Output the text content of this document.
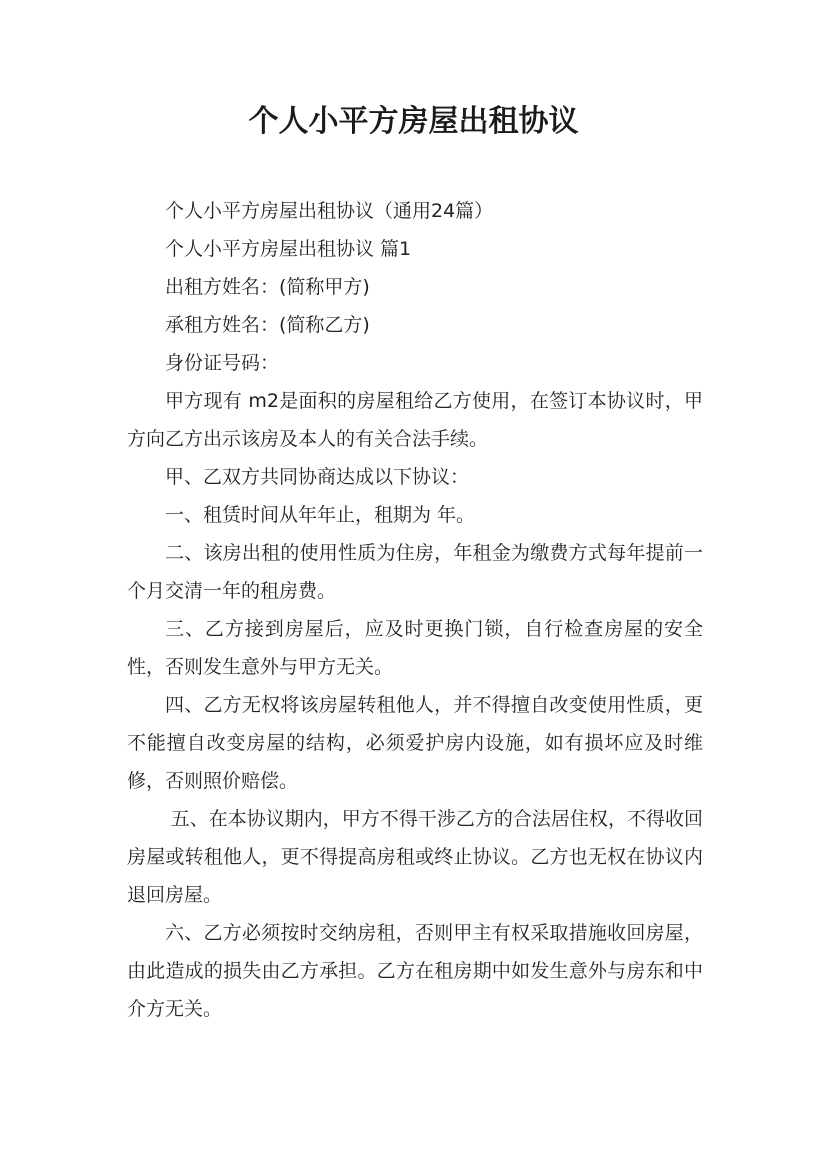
个人小平方房屋出租协议

个人小平方房屋出租协议（通用24篇）

个人小平方房屋出租协议 篇1

出租方姓名：(简称甲方)

承租方姓名：(简称乙方)

身份证号码：

甲方现有 m2是面积的房屋租给乙方使用，在签订本协议时，甲方向乙方出示该房及本人的有关合法手续。

甲、乙双方共同协商达成以下协议：

一、租赁时间从年年止，租期为 年。

二、该房出租的使用性质为住房，年租金为缴费方式每年提前一个月交清一年的租房费。

三、乙方接到房屋后，应及时更换门锁，自行检查房屋的安全性，否则发生意外与甲方无关。

四、乙方无权将该房屋转租他人，并不得擅自改变使用性质，更不能擅自改变房屋的结构，必须爱护房内设施，如有损坏应及时维修，否则照价赔偿。

五、在本协议期内，甲方不得干涉乙方的合法居住权，不得收回房屋或转租他人，更不得提高房租或终止协议。乙方也无权在协议内退回房屋。

六、乙方必须按时交纳房租，否则甲主有权采取措施收回房屋，由此造成的损失由乙方承担。乙方在租房期中如发生意外与房东和中介方无关。
